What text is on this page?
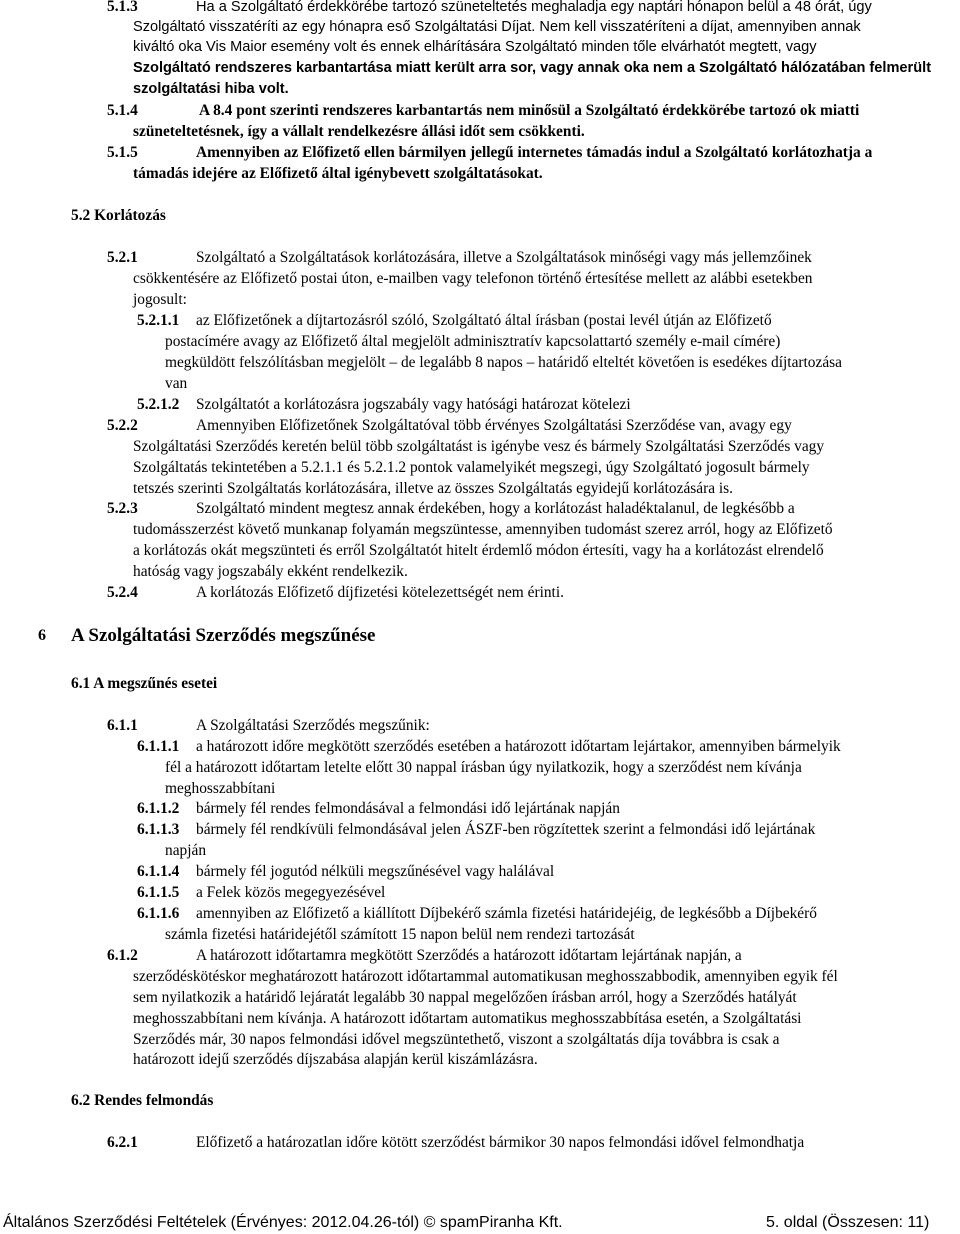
5.1.3	Ha a Szolgáltató érdekkörébe tartozó szüneteltetés meghaladja egy naptári hónapon belül a 48 órát, úgy
Szolgáltató visszatéríti az egy hónapra eső Szolgáltatási Díjat. Nem kell visszatéríteni a díjat, amennyiben annak
kiváltó oka Vis Maior esemény volt és ennek elhárítására Szolgáltató minden tőle elvárhatót megtett, vagy
Szolgáltató rendszeres karbantartása miatt került arra sor, vagy annak oka nem a Szolgáltató hálózatában felmerült
szolgáltatási hiba volt.
5.1.4	A 8.4 pont szerinti rendszeres karbantartás nem minősül a Szolgáltató érdekkörébe tartozó ok miatti
szüneteltetésnek, így a vállalt rendelkezésre állási időt sem csökkenti.
5.1.5	Amennyiben az Előfizető ellen bármilyen jellegű internetes támadás indul a Szolgáltató korlátozhatja a
támadás idejére az Előfizető által igénybevett szolgáltatásokat.
5.2 Korlátozás
5.2.1	Szolgáltató a Szolgáltatások korlátozására, illetve a Szolgáltatások minőségi vagy más jellemzőinek
csökkentésére az Előfizető postai úton, e-mailben vagy telefonon történő értesítése mellett az alábbi esetekben
jogosult:
5.2.1.1 az Előfizetőnek a díjtartozásról szóló, Szolgáltató által írásban (postai levél útján az Előfizető
postacímére avagy az Előfizető által megjelölt adminisztratív kapcsolattartó személy e-mail címére)
megküldött felszólításban megjelölt – de legalább 8 napos – határidő elteltét követően is esedékes díjtartozása
van
5.2.1.2 Szolgáltatót a korlátozásra jogszabály vagy hatósági határozat kötelezi
5.2.2	Amennyiben Előfizetőnek Szolgáltatóval több érvényes Szolgáltatási Szerződése van, avagy egy
Szolgáltatási Szerződés keretén belül több szolgáltatást is igénybe vesz és bármely Szolgáltatási Szerződés vagy
Szolgáltatás tekintetében a 5.2.1.1 és 5.2.1.2 pontok valamelyikét megszegi, úgy Szolgáltató jogosult bármely
tetszés szerinti Szolgáltatás korlátozására, illetve az összes Szolgáltatás egyidejű korlátozására is.
5.2.3	Szolgáltató mindent megtesz annak érdekében, hogy a korlátozást haladéktalanul, de legkésőbb a
tudomásszerzést követő munkanap folyamán megszüntesse, amennyiben tudomást szerez arról, hogy az Előfizető
a korlátozás okát megszünteti és erről Szolgáltatót hitelt érdemlő módon értesíti, vagy ha a korlátozást elrendelő
hatóság vagy jogszabály ekként rendelkezik.
5.2.4	A korlátozás Előfizető díjfizetési kötelezettségét nem érinti.
6 A Szolgáltatási Szerződés megszűnése
6.1 A megszűnés esetei
6.1.1	A Szolgáltatási Szerződés megszűnik:
6.1.1.1 a határozott időre megkötött szerződés esetében a határozott időtartam lejártakor, amennyiben bármelyik
fél a határozott időtartam letelte előtt 30 nappal írásban úgy nyilatkozik, hogy a szerződést nem kívánja
meghosszabbítani
6.1.1.2 bármely fél rendes felmondásával a felmondási idő lejártának napján
6.1.1.3 bármely fél rendkívüli felmondásával jelen ÁSZF-ben rögzítettek szerint a felmondási idő lejártának
napján
6.1.1.4 bármely fél jogutód nélküli megszűnésével vagy halálával
6.1.1.5 a Felek közös megegyezésével
6.1.1.6 amennyiben az Előfizető a kiállított Díjbekérő számla fizetési határidejéig, de legkésőbb a Díjbekérő
számla fizetési határidejétől számított 15 napon belül nem rendezi tartozását
6.1.2	A határozott időtartamra megkötött Szerződés a határozott időtartam lejártának napján, a
szerződéskötéskor meghatározott határozott időtartammal automatikusan meghosszabbodik, amennyiben egyik fél
sem nyilatkozik a határidő lejáratát legalább 30 nappal megelőzően írásban arról, hogy a Szerződés hatályát
meghosszabbítani nem kívánja. A határozott időtartam automatikus meghosszabbítása esetén, a Szolgáltatási
Szerződés már, 30 napos felmondási idővel megszüntethető, viszont a szolgáltatás díja továbbra is csak a
határozott idejű szerződés díjszabása alapján kerül kiszámlázásra.
6.2 Rendes felmondás
6.2.1	Előfizető a határozatlan időre kötött szerződést bármikor 30 napos felmondási idővel felmondhatja
Általános Szerződési Feltételek (Érvényes: 2012.04.26-tól) © spamPiranha Kft.	5. oldal (Összesen: 11)
